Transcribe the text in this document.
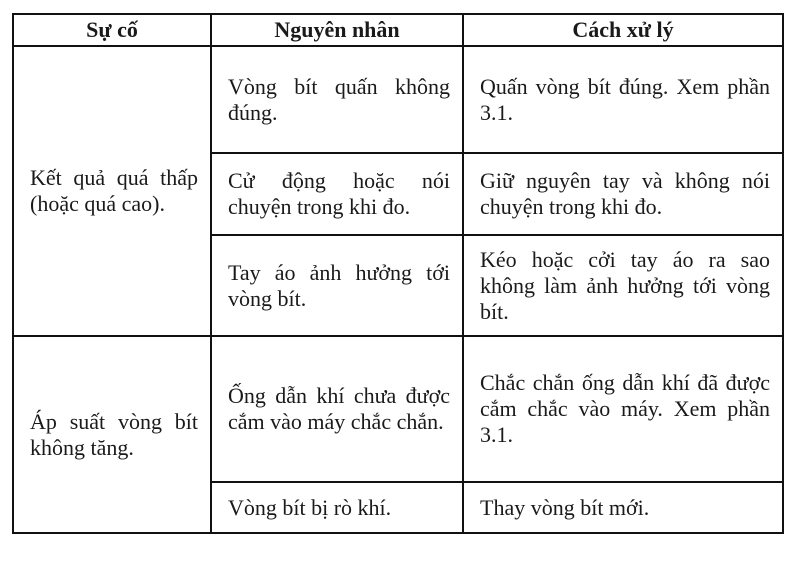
Sự cố	Nguyên nhân	Cách xử lý

Kết quả quá thấp (hoặc quá cao).	Vòng bít quấn không đúng.	Quấn vòng bít đúng. Xem phần 3.1.

	Cử động hoặc nói chuyện trong khi đo.	Giữ nguyên tay và không nói chuyện trong khi đo.

	Tay áo ảnh hưởng tới vòng bít.	Kéo hoặc cởi tay áo ra sao không làm ảnh hưởng tới vòng bít.

Áp suất vòng bít không tăng.	Ống dẫn khí chưa được cắm vào máy chắc chắn.	Chắc chắn ống dẫn khí đã được cắm chắc vào máy. Xem phần 3.1.

	Vòng bít bị rò khí.	Thay vòng bít mới.
